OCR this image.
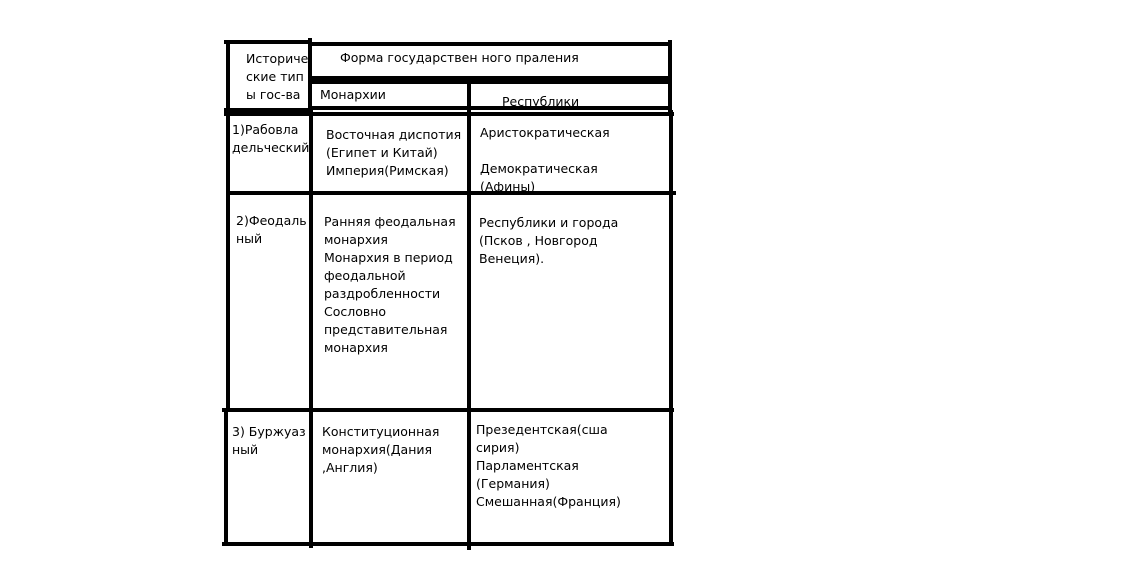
Историче
ские тип
ы гос-ва
Форма государствен ного праления
Монархии	Республики
1)Рабовла
дельческий
Восточная диспотия
(Египет и Китай)
Империя(Римская)
Аристократическая
Демократическая
(Афины)
2)Феодаль
ный
Ранняя феодальная
монархия
Монархия в период
феодальной
раздробленности
Сословно
представительная
монархия
Республики и города
(Псков , Новгород
Венеция).
3) Буржуаз
ный
Конституционная
монархия(Дания
,Англия)
Презедентская(сша
сирия)
Парламентская
(Германия)
Смешанная(Франция)
